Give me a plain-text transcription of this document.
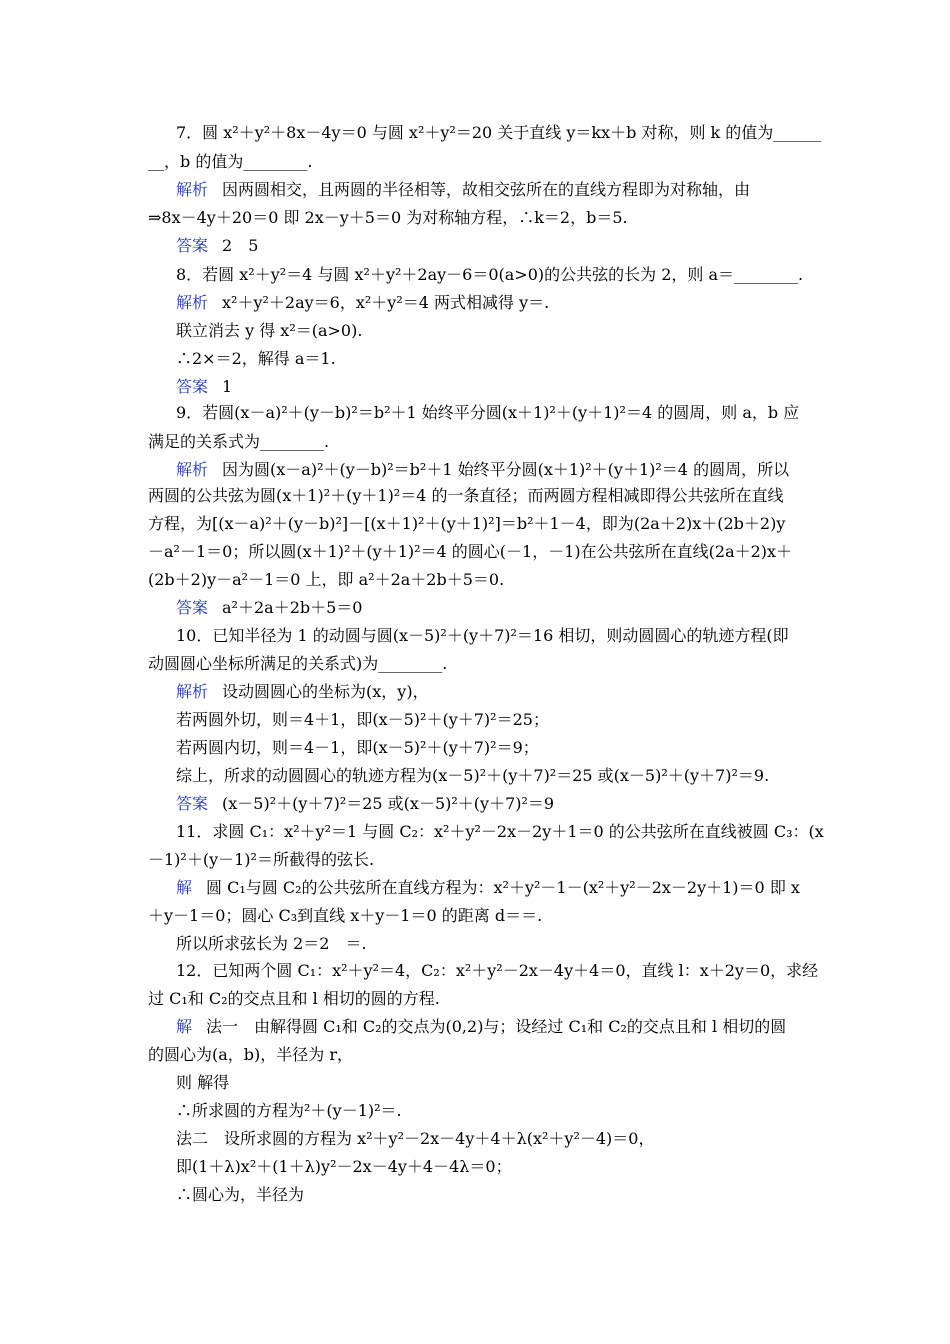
7．圆 x²＋y²＋8x－4y＝0 与圆 x²＋y²＝20 关于直线 y＝kx＋b 对称，则 k 的值为______
__，b 的值为________.
解析 因两圆相交，且两圆的半径相等，故相交弦所在的直线方程即为对称轴，由
⇒8x－4y＋20＝0 即 2x－y＋5＝0 为对称轴方程，∴k＝2，b＝5.
答案 2　5
8．若圆 x²＋y²＝4 与圆 x²＋y²＋2ay－6＝0(a>0)的公共弦的长为 2，则 a＝________.
解析 x²＋y²＋2ay＝6，x²＋y²＝4 两式相减得 y＝.
联立消去 y 得 x²＝(a>0).
∴2×＝2，解得 a＝1.
答案 1
9．若圆(x－a)²＋(y－b)²＝b²＋1 始终平分圆(x＋1)²＋(y＋1)²＝4 的圆周，则 a，b 应
满足的关系式为________.
解析 因为圆(x－a)²＋(y－b)²＝b²＋1 始终平分圆(x＋1)²＋(y＋1)²＝4 的圆周，所以
两圆的公共弦为圆(x＋1)²＋(y＋1)²＝4 的一条直径；而两圆方程相减即得公共弦所在直线
方程，为[(x－a)²＋(y－b)²]－[(x＋1)²＋(y＋1)²]＝b²＋1－4，即为(2a＋2)x＋(2b＋2)y
－a²－1＝0；所以圆(x＋1)²＋(y＋1)²＝4 的圆心(－1，－1)在公共弦所在直线(2a＋2)x＋
(2b＋2)y－a²－1＝0 上，即 a²＋2a＋2b＋5＝0.
答案 a²＋2a＋2b＋5＝0
10．已知半径为 1 的动圆与圆(x－5)²＋(y＋7)²＝16 相切，则动圆圆心的轨迹方程(即
动圆圆心坐标所满足的关系式)为________.
解析 设动圆圆心的坐标为(x，y)，
若两圆外切，则＝4＋1，即(x－5)²＋(y＋7)²＝25；
若两圆内切，则＝4－1，即(x－5)²＋(y＋7)²＝9；
综上，所求的动圆圆心的轨迹方程为(x－5)²＋(y＋7)²＝25 或(x－5)²＋(y＋7)²＝9.
答案 (x－5)²＋(y＋7)²＝25 或(x－5)²＋(y＋7)²＝9
11．求圆 C₁：x²＋y²＝1 与圆 C₂：x²＋y²－2x－2y＋1＝0 的公共弦所在直线被圆 C₃：(x
－1)²＋(y－1)²＝所截得的弦长.
解 圆 C₁与圆 C₂的公共弦所在直线方程为：x²＋y²－1－(x²＋y²－2x－2y＋1)＝0 即 x
＋y－1＝0；圆心 C₃到直线 x＋y－1＝0 的距离 d＝＝.
所以所求弦长为 2＝2　＝.
12．已知两个圆 C₁：x²＋y²＝4，C₂：x²＋y²－2x－4y＋4＝0，直线 l：x＋2y＝0，求经
过 C₁和 C₂的交点且和 l 相切的圆的方程.
解 法一　由解得圆 C₁和 C₂的交点为(0,2)与；设经过 C₁和 C₂的交点且和 l 相切的圆
的圆心为(a，b)，半径为 r，
则 解得
∴所求圆的方程为²＋(y－1)²＝.
法二　设所求圆的方程为 x²＋y²－2x－4y＋4＋λ(x²＋y²－4)＝0，
即(1＋λ)x²＋(1＋λ)y²－2x－4y＋4－4λ＝0；
∴圆心为，半径为
